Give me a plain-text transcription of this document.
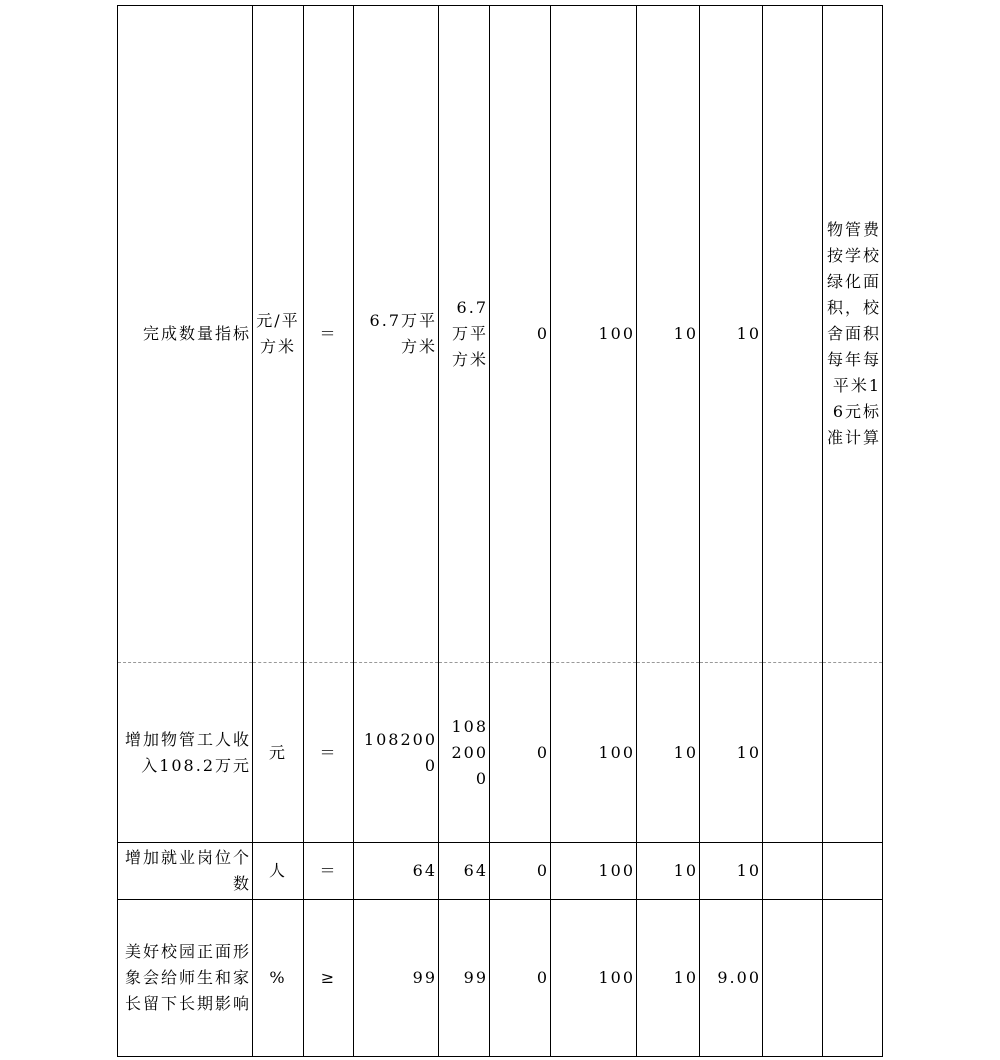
完成数量指标	元/平方米	＝	6.7万平方米	6.7万平方米	0	100	10	10		物管费按学校绿化面积，校舍面积每年每平米16元标准计算
增加物管工人收入108.2万元	元	＝	1082000	1082000	0	100	10	10		
增加就业岗位个数	人	＝	64	64	0	100	10	10		
美好校园正面形象会给师生和家长留下长期影响	%	≥	99	99	0	100	10	9.00		
